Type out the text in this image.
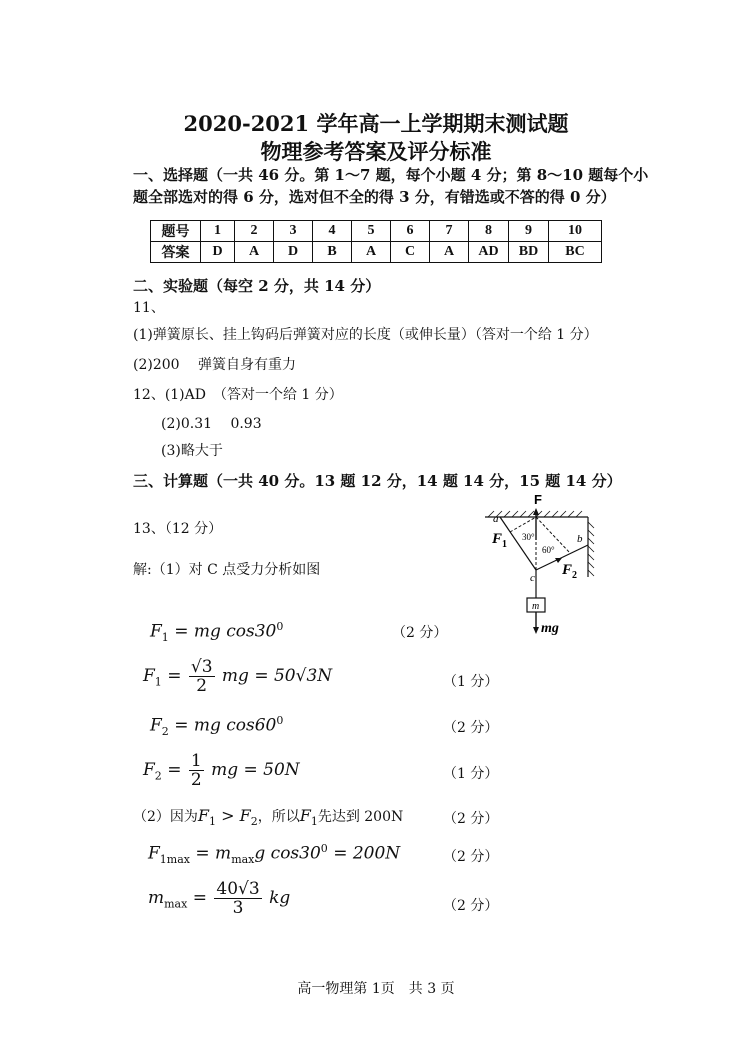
2020-2021 学年高一上学期期末测试题
物理参考答案及评分标准
一、选择题（一共 46 分。第 1～7 题，每个小题 4 分；第 8～10 题每个小
题全部选对的得 6 分，选对但不全的得 3 分，有错选或不答的得 0 分）
题号	1	2	3	4	5	6	7	8	9	10
答案	D	A	D	B	A	C	A	AD	BD	BC
二、实验题（每空 2 分，共 14 分）
11、
(1)弹簧原长、挂上钩码后弹簧对应的长度（或伸长量）（答对一个给 1 分）
(2)200　 弹簧自身有重力
12、(1)AD　（答对一个给 1 分）
(2)0.31　 0.93
(3)略大于
三、计算题（一共 40 分。13 题 12 分，14 题 14 分，15 题 14 分）
13、（12 分）
解:（1）对 C 点受力分析如图
F
F 1
F 2
a
b
c
30°
60°
m
mg
$F_1$ = mg $\cos 30^0$	（2 分）
$F_1 = \frac{√3}{2}$ mg = 50√3N	（1 分）
$F_2$ = mg $\cos 60^0$	（2 分）
$F_2 = \frac{1}{2}$ mg = 50N	（1 分）
（2）因为$F_1 > F_2$，所以$F_1$先达到 200N	（2 分）
$F_{1max} = m_{max}g$ $\cos 30^0 = 200N$	（2 分）
$m_{max} = \frac{40√3}{3}$ kg	（2 分）
高一物理第 1页　共 3 页
